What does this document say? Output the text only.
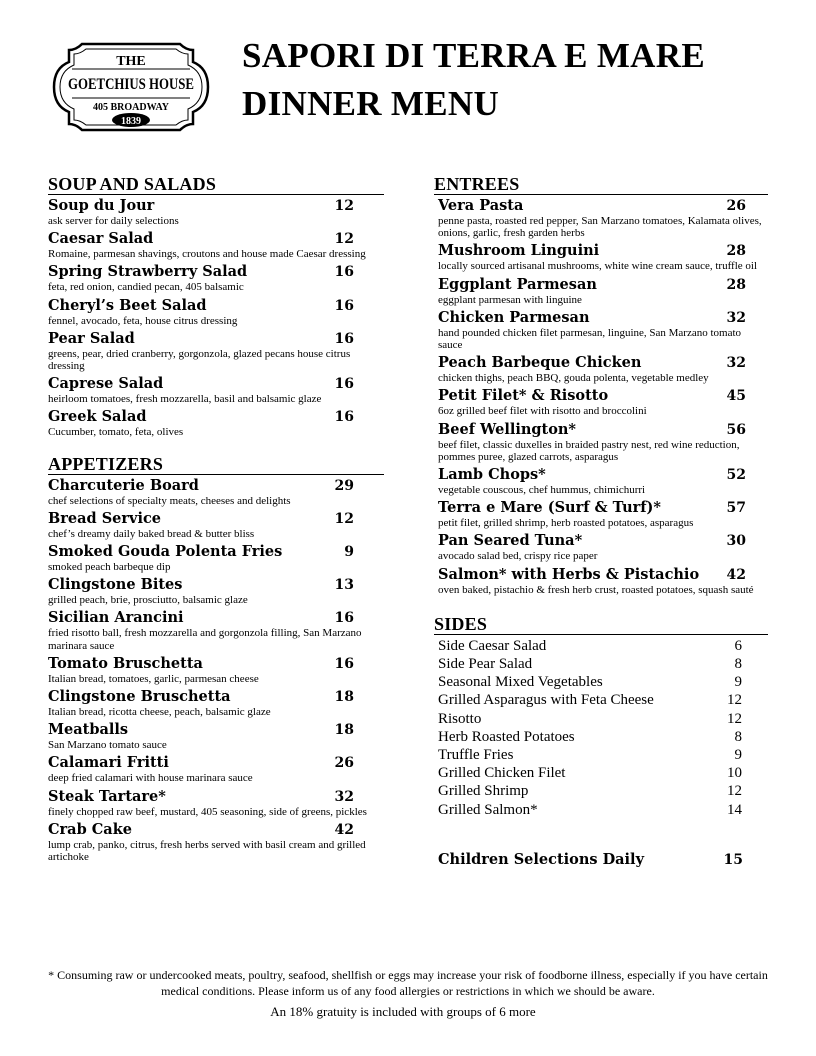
THE
GOETCHIUS HOUSE
405 BROADWAY
1839
SAPORI DI TERRA E MARE
DINNER MENU
SOUP AND SALADS
Soup du Jour	12
ask server for daily selections
Caesar Salad	12
Romaine, parmesan shavings, croutons and house made Caesar dressing
Spring Strawberry Salad	16
feta, red onion, candied pecan, 405 balsamic
Cheryl’s Beet Salad	16
fennel, avocado, feta, house citrus dressing
Pear Salad	16
greens, pear, dried cranberry, gorgonzola, glazed pecans house citrus dressing
Caprese Salad	16
heirloom tomatoes, fresh mozzarella, basil and balsamic glaze
Greek Salad	16
Cucumber, tomato, feta, olives
APPETIZERS
Charcuterie Board	29
chef selections of specialty meats, cheeses and delights
Bread Service	12
chef’s dreamy daily baked bread & butter bliss
Smoked Gouda Polenta Fries	9
smoked peach barbeque dip
Clingstone Bites	13
grilled peach, brie, prosciutto, balsamic glaze
Sicilian Arancini	16
fried risotto ball, fresh mozzarella and gorgonzola filling, San Marzano marinara sauce
Tomato Bruschetta	16
Italian bread, tomatoes, garlic, parmesan cheese
Clingstone Bruschetta	18
Italian bread, ricotta cheese, peach, balsamic glaze
Meatballs	18
San Marzano tomato sauce
Calamari Fritti	26
deep fried calamari with house marinara sauce
Steak Tartare*	32
finely chopped raw beef, mustard, 405 seasoning, side of greens, pickles
Crab Cake	42
lump crab, panko, citrus, fresh herbs served with basil cream and grilled artichoke
ENTREES
Vera Pasta	26
penne pasta, roasted red pepper, San Marzano tomatoes, Kalamata olives, onions, garlic, fresh garden herbs
Mushroom Linguini	28
locally sourced artisanal mushrooms, white wine cream sauce, truffle oil
Eggplant Parmesan	28
eggplant parmesan with linguine
Chicken Parmesan	32
hand pounded chicken filet parmesan, linguine, San Marzano tomato sauce
Peach Barbeque Chicken	32
chicken thighs, peach BBQ, gouda polenta, vegetable medley
Petit Filet* & Risotto	45
6oz grilled beef filet with risotto and broccolini
Beef Wellington*	56
beef filet, classic duxelles in braided pastry nest, red wine reduction, pommes puree, glazed carrots, asparagus
Lamb Chops*	52
vegetable couscous, chef hummus, chimichurri
Terra e Mare (Surf & Turf)*	57
petit filet, grilled shrimp, herb roasted potatoes, asparagus
Pan Seared Tuna*	30
avocado salad bed, crispy rice paper
Salmon* with Herbs & Pistachio 42
oven baked, pistachio & fresh herb crust, roasted potatoes, squash sauté
SIDES
Side Caesar Salad	6
Side Pear Salad	8
Seasonal Mixed Vegetables	9
Grilled Asparagus with Feta Cheese	12
Risotto	12
Herb Roasted Potatoes	8
Truffle Fries	9
Grilled Chicken Filet	10
Grilled Shrimp	12
Grilled Salmon*	14
Children Selections Daily	15
* Consuming raw or undercooked meats, poultry, seafood, shellfish or eggs may increase your risk of foodborne illness, especially if you have certain medical conditions. Please inform us of any food allergies or restrictions in which we should be aware.
An 18% gratuity is included with groups of 6 more
